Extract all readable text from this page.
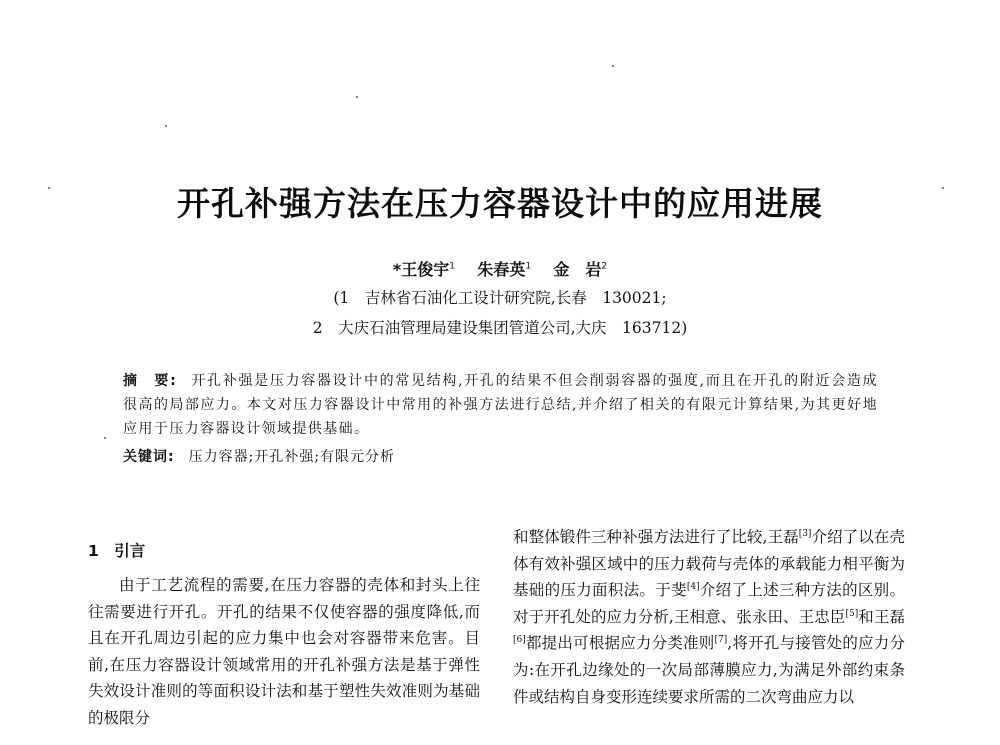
开孔补强方法在压力容器设计中的应用进展
*王俊宇$^1$ 朱春英$^1$ 金　岩$^2$
(1　吉林省石油化工设计研究院,长春　130021;
2　大庆石油管理局建设集团管道公司,大庆　163712)
摘　要: 开孔补强是压力容器设计中的常见结构,开孔的结果不但会削弱容器的强度,而且在开孔的附近会造成很高的局部应力。本文对压力容器设计中常用的补强方法进行总结,并介绍了相关的有限元计算结果,为其更好地应用于压力容器设计领域提供基础。
关键词: 压力容器;开孔补强;有限元分析
1　引言

由于工艺流程的需要,在压力容器的壳体和封头上往往需要进行开孔。开孔的结果不仅使容器的强度降低,而且在开孔周边引起的应力集中也会对容器带来危害。目前,在压力容器设计领域常用的开孔补强方法是基于弹性失效设计准则的等面积设计法和基于塑性失效准则为基础的极限分

和整体锻件三种补强方法进行了比较,王磊[3]介绍了以在壳体有效补强区域中的压力载荷与壳体的承载能力相平衡为基础的压力面积法。于斐[4]介绍了上述三种方法的区别。对于开孔处的应力分析,王相意、张永田、王忠臣[5]和王磊[6]都提出可根据应力分类准则[7],将开孔与接管处的应力分为:在开孔边缘处的一次局部薄膜应力,为满足外部约束条件或结构自身变形连续要求所需的二次弯曲应力以
